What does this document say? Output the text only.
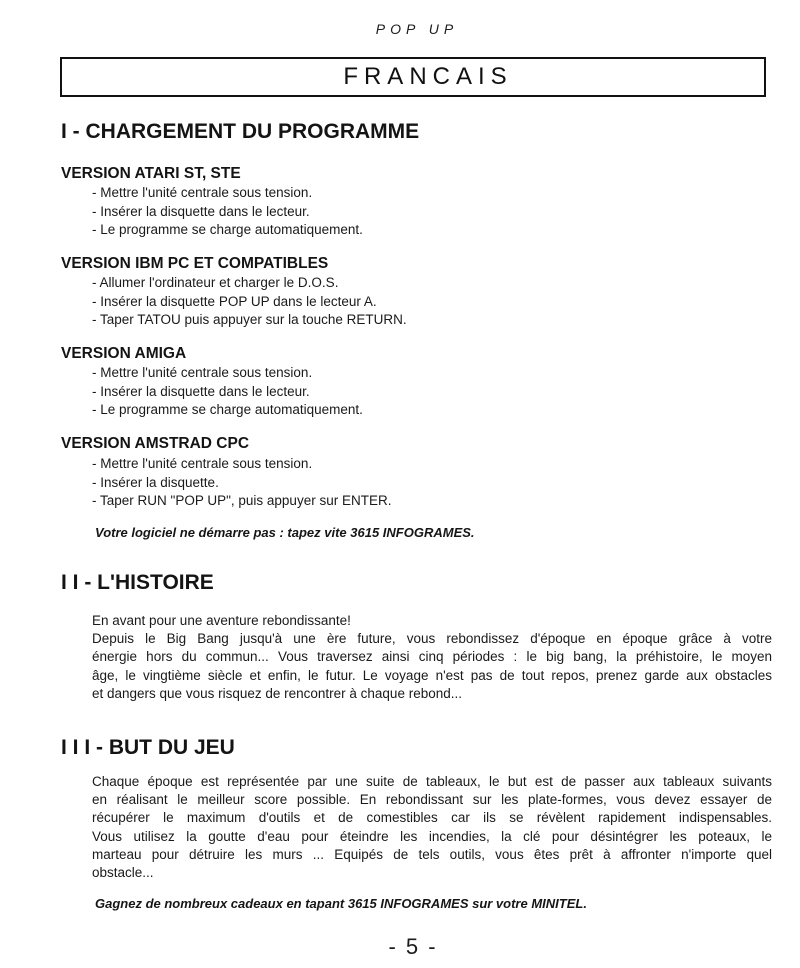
POP UP
FRANCAIS
I - CHARGEMENT DU PROGRAMME
VERSION ATARI ST, STE
- Mettre l'unité centrale sous tension.
- Insérer la disquette dans le lecteur.
- Le programme se charge automatiquement.
VERSION IBM PC ET COMPATIBLES
- Allumer l'ordinateur et charger le D.O.S.
- Insérer la disquette POP UP dans le lecteur A.
- Taper TATOU puis appuyer sur la touche RETURN.
VERSION AMIGA
- Mettre l'unité centrale sous tension.
- Insérer la disquette dans le lecteur.
- Le programme se charge automatiquement.
VERSION AMSTRAD CPC
- Mettre l'unité centrale sous tension.
- Insérer la disquette.
- Taper RUN "POP UP", puis appuyer sur ENTER.
Votre logiciel ne démarre pas : tapez vite 3615 INFOGRAMES.
I I - L'HISTOIRE
En avant pour une aventure rebondissante!
Depuis le Big Bang jusqu'à une ère future, vous rebondissez d'époque en époque grâce à votre
énergie hors du commun... Vous traversez ainsi cinq périodes : le big bang, la préhistoire, le moyen
âge, le vingtième siècle et enfin, le futur. Le voyage n'est pas de tout repos, prenez garde aux obstacles
et dangers que vous risquez de rencontrer à chaque rebond...
I I I - BUT DU JEU
Chaque époque est représentée par une suite de tableaux, le but est de passer aux tableaux suivants
en réalisant le meilleur score possible. En rebondissant sur les plate-formes, vous devez essayer de
récupérer le maximum d'outils et de comestibles car ils se révèlent rapidement indispensables.
Vous utilisez la goutte d'eau pour éteindre les incendies, la clé pour désintégrer les poteaux, le
marteau pour détruire les murs ... Equipés de tels outils, vous êtes prêt à affronter n'importe quel
obstacle...
Gagnez de nombreux cadeaux en tapant 3615 INFOGRAMES sur votre MINITEL.
- 5 -
